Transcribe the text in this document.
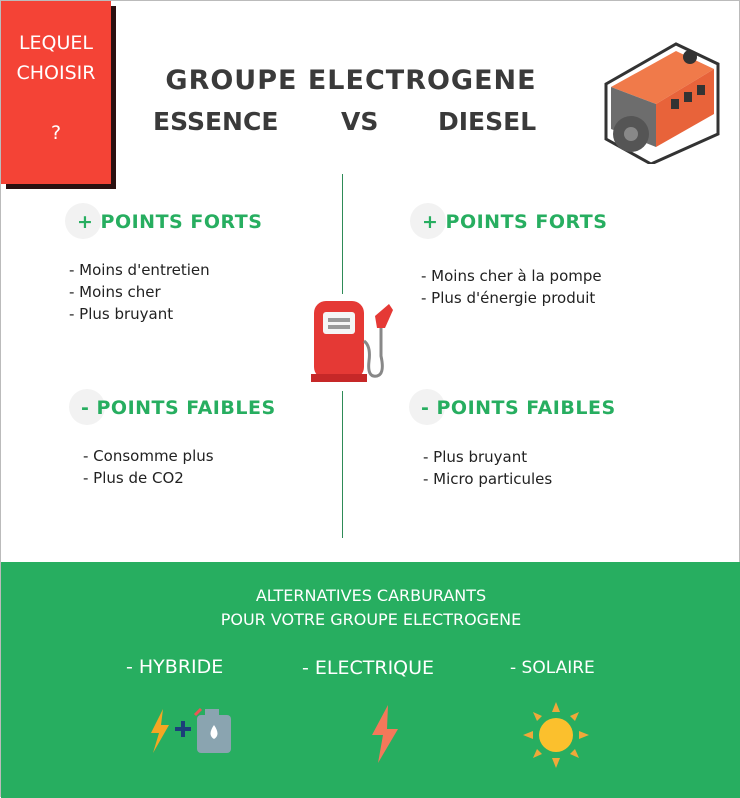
LEQUEL
CHOISIR
?
GROUPE ELECTROGENE
ESSENCE	VS DIESEL
+ POINTS FORTS
- Moins d'entretien
- Moins cher
- Plus bruyant
+ POINTS FORTS
- Moins cher à la pompe
- Plus d'énergie produit
- POINTS FAIBLES
- Consomme plus
- Plus de CO2
- POINTS FAIBLES
- Plus bruyant
- Micro particules
ALTERNATIVES CARBURANTS
POUR VOTRE GROUPE ELECTROGENE
- HYBRIDE	- ELECTRIQUE	- SOLAIRE
